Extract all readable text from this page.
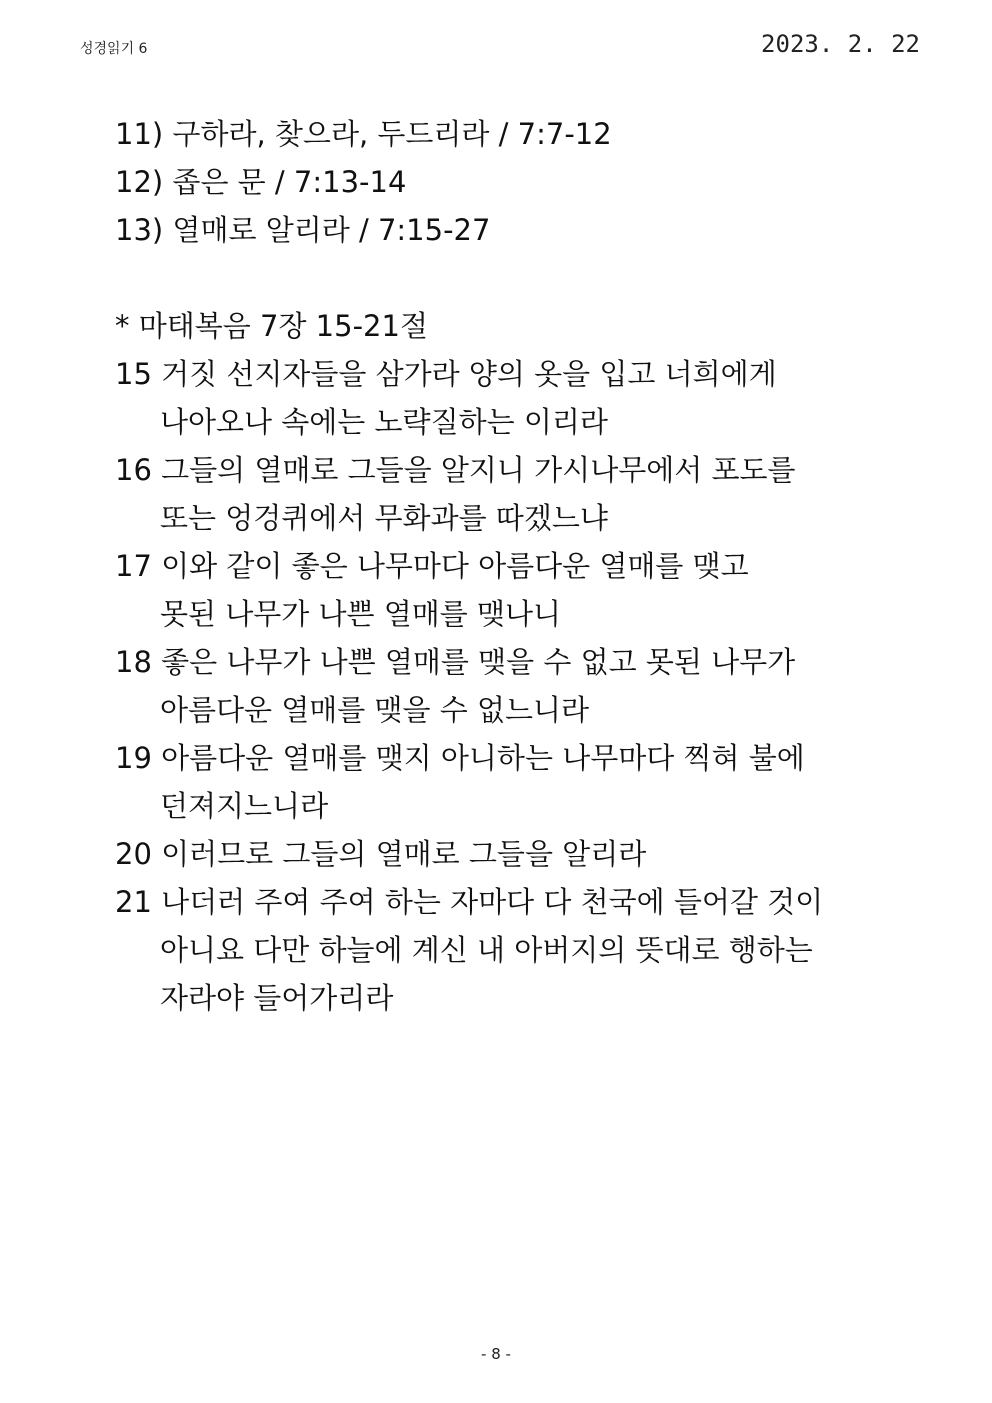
성경읽기 6	2023. 2. 22
11) 구하라, 찾으라, 두드리라 / 7:7-12
12) 좁은 문 / 7:13-14
13) 열매로 알리라 / 7:15-27
* 마태복음 7장 15-21절
15 거짓 선지자들을 삼가라 양의 옷을 입고 너희에게
나아오나 속에는 노략질하는 이리라
16 그들의 열매로 그들을 알지니 가시나무에서 포도를
또는 엉겅퀴에서 무화과를 따겠느냐
17 이와 같이 좋은 나무마다 아름다운 열매를 맺고
못된 나무가 나쁜 열매를 맺나니
18 좋은 나무가 나쁜 열매를 맺을 수 없고 못된 나무가
아름다운 열매를 맺을 수 없느니라
19 아름다운 열매를 맺지 아니하는 나무마다 찍혀 불에
던져지느니라
20 이러므로 그들의 열매로 그들을 알리라
21 나더러 주여 주여 하는 자마다 다 천국에 들어갈 것이
아니요 다만 하늘에 계신 내 아버지의 뜻대로 행하는
자라야 들어가리라
- 8 -
